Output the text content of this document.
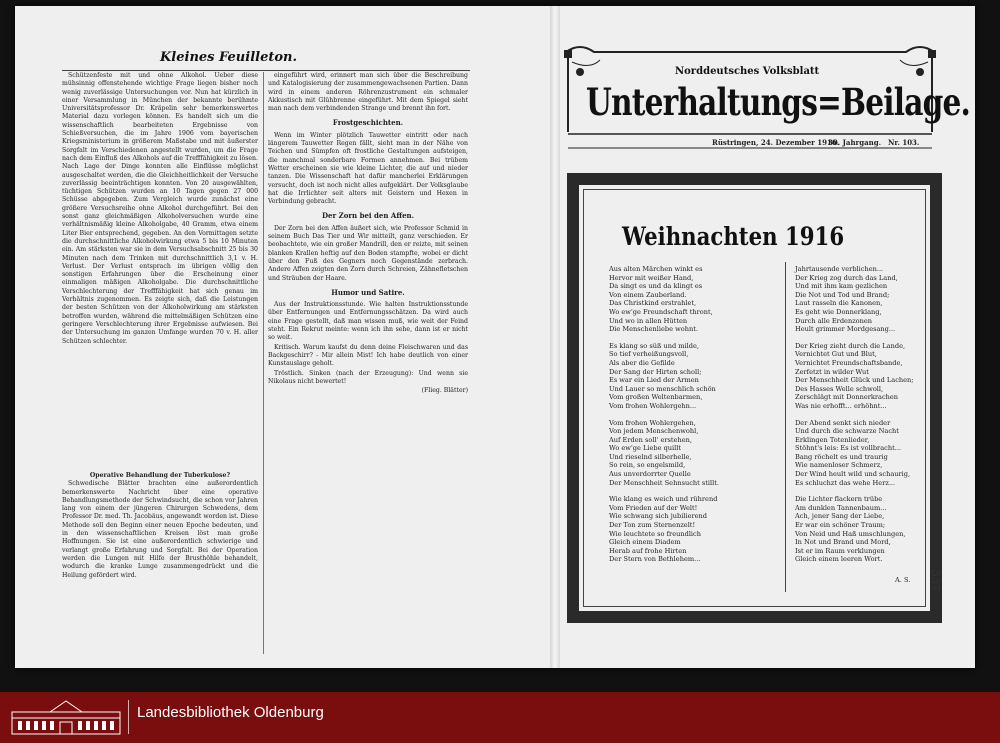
Kleines Feuilleton.

Schützenfeste mit und ohne Alkohol. Ueber diese mühsinnig offenstehende wichtige Frage liegen bisher noch wenig zuverlässige Untersuchungen vor. Nun hat kürzlich in einer Versammlung in München der bekannte berühmte Universitätsprofessor Dr. Kräpelin sehr bemerkenswertes Material dazu vorlegen können. Es handelt sich um die wissenschaftlich bearbeiteten Ergebnisse von Schießversuchen, die im Jahre 1906 vom bayerischen Kriegsministerium in größerem Maßstabe und mit äußerster Sorgfalt im Verschiedenen angestellt wurden, um die Frage nach dem Einfluß des Alkohols auf die Trefffähigkeit zu lösen. Nach Lage der Dinge konnten alle Einflüsse möglichst ausgeschaltet werden, die die Gleichheitlichkeit der Versuche zuverlässig beeinträchtigen konnten. Von 20 ausgewählten, tüchtigen Schützen wurden an 10 Tagen gegen 27 000 Schüsse abgegeben. Zum Vergleich wurde zunächst eine größere Versuchsreihe ohne Alkohol durchgeführt. Bei den sonst ganz gleichmäßigen Alkoholversuchen wurde eine verhältnismäßig kleine Alkoholgabe, 40 Gramm, etwa einem Liter Bier entsprechend, gegeben. An den Vormittagen setzte die durchschnittliche Alkoholwirkung etwa 5 bis 10 Minuten ein. Am stärksten war sie in dem Versuchsabschnitt 25 bis 30 Minuten nach dem Trinken mit durchschnittlich 3,1 v. H. Verlust. Der Verlust entsprach im übrigen völlig den sonstigen Erfahrungen über die Erscheinung einer einmaligen mäßigen Alkoholgabe. Die durchschnittliche Verschlechterung der Trefffähigkeit hat sich genau im Verhältnis zugenommen. Es zeigte sich, daß die Leistungen der besten Schützen von der Alkoholwirkung am stärksten betroffen wurden, während die mittelmäßigen Schützen eine geringere Verschlechterung ihrer Ergebnisse aufwiesen. Bei der Untersuchung im ganzen Umfange wurden 70 v. H. aller Schützen schlechter.

Operative Behandlung der Tuberkulose?

Schwedische Blätter brachten eine außerordentlich bemerkenswerte Nachricht über eine operative Behandlungsmethode der Schwindsucht, die schon vor Jahren lang von einem der jüngeren Chirurgen Schwedens, dem Professor Dr. med. Th. Jacobäus, angewandt worden ist. Diese Methode soll den Beginn einer neuen Epoche bedeuten, und in den wissenschaftlichen Kreisen löst man große Hoffnungen. Sie ist eine außerordentlich schwierige und verlangt große Erfahrung und Sorgfalt. Bei der Operation werden die Lungen mit Hilfe der Brusthöhle behandelt, wodurch die kranke Lunge zusammengedrückt und die Heilung gefördert wird.

eingeführt wird, erinnert man sich über die Beschreibung und Katalogisierung der zusammengewachsenen Partien. Dann wird in einem anderen Röhrenzustrument ein schmaler Akkustisch mit Glühbrenne eingeführt. Mit dem Spiegel sieht man nach dem verbindenden Strange und brennt ihn fort.

Frostgeschichten.

Wenn im Winter plötzlich Tauwetter eintritt oder nach längerem Tauwetter Regen fällt, sieht man in der Nähe von Teichen und Sümpfen oft frostliche Gestaltungen aufsteigen, die manchmal sonderbare Formen annehmen. Bei trübem Wetter erscheinen sie wie kleine Lichter, die auf und nieder tanzen. Die Wissenschaft hat dafür mancherlei Erklärungen versucht, doch ist noch nicht alles aufgeklärt. Der Volksglaube hat die Irrlichter seit alters mit Geistern und Hexen in Verbindung gebracht.

Der Zorn bei den Affen.

Der Zorn bei den Affen äußert sich, wie Professor Schmid in seinem Buch Das Tier und Wir mitteilt, ganz verschieden. Er beobachtete, wie ein großer Mandrill, den er reizte, mit seinen blanken Krallen heftig auf den Boden stampfte, wobei er dicht über den Fuß des Gegners noch Gegenstände zerbrach. Andere Affen zeigten den Zorn durch Schreien, Zähnefletschen und Sträuben der Haare.

Humor und Satire.

Aus der Instruktionsstunde. Wie halten Instruktionsstunde über Entfernungen und Entfernungsschätzen. Da wird auch eine Frage gestellt, daß man wissen muß, wie weit der Feind steht. Ein Rekrut meinte: wenn ich ihn sehe, dann ist er nicht so weit.

Kritisch. Warum kaufst du denn deine Fleischwaren und das Backgeschirr? - Mir allein Mist! Ich habe deutlich von einer Kunstauslage geholt.

Tröstlich. Sinken (nach der Erzeugung): Und wenn sie Nikolaus nicht bewertet!

(Flieg. Blätter)

Norddeutsches Volksblatt
Unterhaltungs=Beilage.
Rüstringen, 24. Dezember 1916.
30. Jahrgang. Nr. 103.
Weihnachten 1916
Aus alten Märchen winkt es
Hervor mit weißer Hand,
Da singt es und da klingt es
Von einem Zauberland.
Das Christkind erstrahlet,
Wo ew'ge Freundschaft thront,
Und wo in allen Hütten
Die Menschenliebe wohnt.
Es klang so süß und milde,
So tief verheißungsvoll,
Als aber die Gefilde
Der Sang der Hirten scholl;
Es war ein Lied der Armen
Und Lauer so menschlich schön
Vom großen Weltenbarmen,
Vom frohen Wohlergehn...
Vom frohen Wohlergehen,
Von jedem Menschenwohl,
Auf Erden soll' erstehen,
Wo ew'ge Liebe quillt
Und rieselnd silberhelle,
So rein, so engelsmild,
Aus unverdorrter Quelle
Der Menschheit Sehnsucht stillt.
Wie klang es weich und rührend
Vom Frieden auf der Welt!
Wie schwang sich jubilierend
Der Ton zum Sternenzelt!
Wie leuchtete so freundlich
Gleich einem Diadem
Herab auf frohe Hirten
Der Stern von Bethlehem...
Jahrtausende verblichen...
Der Krieg zog durch das Land,
Und mit ihm kam gezlichen
Die Not und Tod und Brand;
Laut rasseln die Kanonen,
Es geht wie Donnerklang,
Durch alle Erdenzonen
Heult grimmer Mordgesang...
Der Krieg zieht durch die Lande,
Vernichtet Gut und Blut,
Vernichtet Freundschaftsbande,
Zerfetzt in wilder Wut
Der Menschheit Glück und Lachen;
Des Hasses Welle schwoll,
Zerschlägt mit Donnerkrachen
Was nie erhofft... erhöhnt...
Der Abend senkt sich nieder
Und durch die schwarze Nacht
Erklingen Totenlieder,
Stöhnt's leis: Es ist vollbracht...
Bang röchelt es und traurig
Wie namenloser Schmerz,
Der Wind heult wild und schaurig,
Es schluchzt das wehe Herz...
Die Lichter flackern trübe
Am dunklen Tannenbaum...
Ach, jener Sang der Liebe,
Er war ein schöner Traum;
Von Neid und Haß umschlungen,
In Not und Brand und Mord,
Ist er im Raum verklungen
Gleich einem leeren Wort.
A. S. 537
Landesbibliothek Oldenburg
